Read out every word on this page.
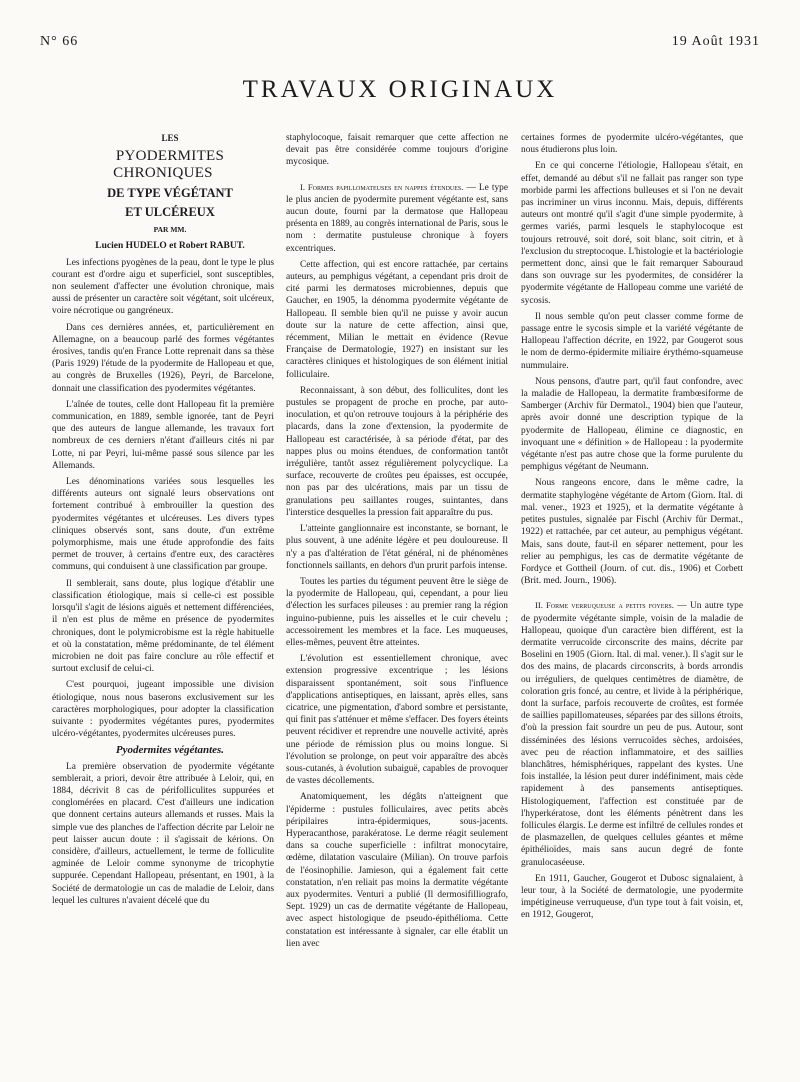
N° 66	19 Août 1931
TRAVAUX ORIGINAUX

LES

PYODERMITES CHRONIQUES

DE TYPE VÉGÉTANT

ET ULCÉREUX

PAR MM.

Lucien HUDELO et Robert RABUT.

Les infections pyogènes de la peau, dont le type le plus courant est d'ordre aigu et superficiel, sont susceptibles, non seulement d'affecter une évolution chronique, mais aussi de présenter un caractère soit végétant, soit ulcéreux, voire nécrotique ou gangréneux.

Dans ces dernières années, et, particulièrement en Allemagne, on a beaucoup parlé des formes végétantes érosives, tandis qu'en France Lotte reprenait dans sa thèse (Paris 1929) l'étude de la pyodermite de Hallopeau et que, au congrès de Bruxelles (1926), Peyri, de Barcelone, donnait une classification des pyodermites végétantes.

L'aînée de toutes, celle dont Hallopeau fit la première communication, en 1889, semble ignorée, tant de Peyri que des auteurs de langue allemande, les travaux fort nombreux de ces derniers n'étant d'ailleurs cités ni par Lotte, ni par Peyri, lui-même passé sous silence par les Allemands.

Les dénominations variées sous lesquelles les différents auteurs ont signalé leurs observations ont fortement contribué à embrouiller la question des pyodermites végétantes et ulcéreuses. Les divers types cliniques observés sont, sans doute, d'un extrême polymorphisme, mais une étude approfondie des faits permet de trouver, à certains d'entre eux, des caractères communs, qui conduisent à une classification par groupe.

Il semblerait, sans doute, plus logique d'établir une classification étiologique, mais si celle-ci est possible lorsqu'il s'agit de lésions aiguës et nettement différenciées, il n'en est plus de même en présence de pyodermites chroniques, dont le polymicrobisme est la règle habituelle et où la constatation, même prédominante, de tel élément microbien ne doit pas faire conclure au rôle effectif et surtout exclusif de celui-ci.

C'est pourquoi, jugeant impossible une division étiologique, nous nous baserons exclusivement sur les caractères morphologiques, pour adopter la classification suivante : pyodermites végétantes pures, pyodermites ulcéro-végétantes, pyodermites ulcéreuses pures.

Pyodermites végétantes.

La première observation de pyodermite végétante semblerait, a priori, devoir être attribuée à Leloir, qui, en 1884, décrivit 8 cas de périfolliculites suppurées et conglomérées en placard. C'est d'ailleurs une indication que donnent certains auteurs allemands et russes. Mais la simple vue des planches de l'affection décrite par Leloir ne peut laisser aucun doute : il s'agissait de kérions. On considère, d'ailleurs, actuellement, le terme de folliculite agminée de Leloir comme synonyme de tricophytie suppurée. Cependant Hallopeau, présentant, en 1901, à la Société de dermatologie un cas de maladie de Leloir, dans lequel les cultures n'avaient décelé que du

staphylocoque, faisait remarquer que cette affection ne devait pas être considérée comme toujours d'origine mycosique.

I. Formes papillomateuses en nappes étendues. — Le type le plus ancien de pyodermite purement végétante est, sans aucun doute, fourni par la dermatose que Hallopeau présenta en 1889, au congrès international de Paris, sous le nom : dermatite pustuleuse chronique à foyers excentriques.

Cette affection, qui est encore rattachée, par certains auteurs, au pemphigus végétant, a cependant pris droit de cité parmi les dermatoses microbiennes, depuis que Gaucher, en 1905, la dénomma pyodermite végétante de Hallopeau. Il semble bien qu'il ne puisse y avoir aucun doute sur la nature de cette affection, ainsi que, récemment, Milian le mettait en évidence (Revue Française de Dermatologie, 1927) en insistant sur les caractères cliniques et histologiques de son élément initial folliculaire.

Reconnaissant, à son début, des folliculites, dont les pustules se propagent de proche en proche, par auto-inoculation, et qu'on retrouve toujours à la périphérie des placards, dans la zone d'extension, la pyodermite de Hallopeau est caractérisée, à sa période d'état, par des nappes plus ou moins étendues, de conformation tantôt irrégulière, tantôt assez régulièrement polycyclique. La surface, recouverte de croûtes peu épaisses, est occupée, non pas par des ulcérations, mais par un tissu de granulations peu saillantes rouges, suintantes, dans l'interstice desquelles la pression fait apparaître du pus.

L'atteinte ganglionnaire est inconstante, se bornant, le plus souvent, à une adénite légère et peu douloureuse. Il n'y a pas d'altération de l'état général, ni de phénomènes fonctionnels saillants, en dehors d'un prurit parfois intense.

Toutes les parties du tégument peuvent être le siège de la pyodermite de Hallopeau, qui, cependant, a pour lieu d'élection les surfaces pileuses : au premier rang la région inguino-pubienne, puis les aisselles et le cuir chevelu ; accessoirement les membres et la face. Les muqueuses, elles-mêmes, peuvent être atteintes.

L'évolution est essentiellement chronique, avec extension progressive excentrique ; les lésions disparaissent spontanément, soit sous l'influence d'applications antiseptiques, en laissant, après elles, sans cicatrice, une pigmentation, d'abord sombre et persistante, qui finit pas s'atténuer et même s'effacer. Des foyers éteints peuvent récidiver et reprendre une nouvelle activité, après une période de rémission plus ou moins longue. Si l'évolution se prolonge, on peut voir apparaître des abcès sous-cutanés, à évolution subaiguë, capables de provoquer de vastes décollements.

Anatomiquement, les dégâts n'atteignent que l'épiderme : pustules folliculaires, avec petits abcès péripilaires intra-épidermiques, sous-jacents. Hyperacanthose, parakératose. Le derme réagit seulement dans sa couche superficielle : infiltrat monocytaire, œdème, dilatation vasculaire (Milian). On trouve parfois de l'éosinophilie. Jamieson, qui a également fait cette constatation, n'en reliait pas moins la dermatite végétante aux pyodermites. Venturi a publié (Il dermosifilliografo, Sept. 1929) un cas de dermatite végétante de Hallopeau, avec aspect histologique de pseudo-épithélioma. Cette constatation est intéressante à signaler, car elle établit un lien avec

certaines formes de pyodermite ulcéro-végétantes, que nous étudierons plus loin.

En ce qui concerne l'étiologie, Hallopeau s'était, en effet, demandé au début s'il ne fallait pas ranger son type morbide parmi les affections bulleuses et si l'on ne devait pas incriminer un virus inconnu. Mais, depuis, différents auteurs ont montré qu'il s'agit d'une simple pyodermite, à germes variés, parmi lesquels le staphylocoque est toujours retrouvé, soit doré, soit blanc, soit citrin, et à l'exclusion du streptocoque. L'histologie et la bactériologie permettent donc, ainsi que le fait remarquer Sabouraud dans son ouvrage sur les pyodermites, de considérer la pyodermite végétante de Hallopeau comme une variété de sycosis.

Il nous semble qu'on peut classer comme forme de passage entre le sycosis simple et la variété végétante de Hallopeau l'affection décrite, en 1922, par Gougerot sous le nom de dermo-épidermite miliaire érythémo-squameuse nummulaire.

Nous pensons, d'autre part, qu'il faut confondre, avec la maladie de Hallopeau, la dermatite frambœsiforme de Samberger (Archiv für Dermatol., 1904) bien que l'auteur, après avoir donné une description typique de la pyodermite de Hallopeau, élimine ce diagnostic, en invoquant une « définition » de Hallopeau : la pyodermite végétante n'est pas autre chose que la forme purulente du pemphigus végétant de Neumann.

Nous rangeons encore, dans le même cadre, la dermatite staphylogène végétante de Artom (Giorn. Ital. di mal. vener., 1923 et 1925), et la dermatite végétante à petites pustules, signalée par Fischl (Archiv für Dermat., 1922) et rattachée, par cet auteur, au pemphigus végétant. Mais, sans doute, faut-il en séparer nettement, pour les relier au pemphigus, les cas de dermatite végétante de Fordyce et Gottheil (Journ. of cut. dis., 1906) et Corbett (Brit. med. Journ., 1906).

II. Forme verruqueuse a petits foyers. — Un autre type de pyodermite végétante simple, voisin de la maladie de Hallopeau, quoique d'un caractère bien différent, est la dermatite verrucoïde circonscrite des mains, décrite par Boselini en 1905 (Giorn. Ital. di mal. vener.). Il s'agit sur le dos des mains, de placards circonscrits, à bords arrondis ou irréguliers, de quelques centimètres de diamètre, de coloration gris foncé, au centre, et livide à la périphérique, dont la surface, parfois recouverte de croûtes, est formée de saillies papillomateuses, séparées par des sillons étroits, d'où la pression fait sourdre un peu de pus. Autour, sont disséminées des lésions verrucoïdes sèches, ardoisées, avec peu de réaction inflammatoire, et des saillies blanchâtres, hémisphériques, rappelant des kystes. Une fois installée, la lésion peut durer indéfiniment, mais cède rapidement à des pansements antiseptiques. Histologiquement, l'affection est constituée par de l'hyperkératose, dont les éléments pénètrent dans les follicules élargis. Le derme est infiltré de cellules rondes et de plasmazellen, de quelques cellules géantes et même épithélioïdes, mais sans aucun degré de fonte granulocaséeuse.

En 1911, Gaucher, Gougerot et Dubosc signalaient, à leur tour, à la Société de dermatologie, une pyodermite impétigineuse verruqueuse, d'un type tout à fait voisin, et, en 1912, Gougerot,
